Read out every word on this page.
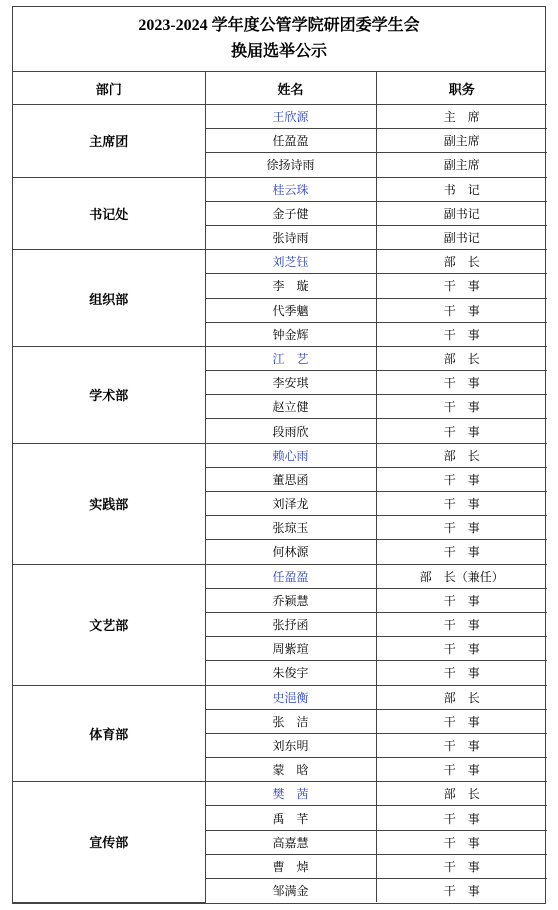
2023-2024 学年度公管学院研团委学生会
换届选举公示
部门	姓名	职务
主席团	王欣源	主　席
	任盈盈	副主席
	徐扬诗雨	副主席
书记处	桂云珠	书　记
	金子健	副书记
	张诗雨	副书记
组织部	刘芝钰	部　长
	李　璇	干　事
	代季魑	干　事
	钟金辉	干　事
学术部	江　艺	部　长
	李安琪	干　事
	赵立健	干　事
	段雨欣	干　事
实践部	赖心雨	部　长
	董思函	干　事
	刘泽龙	干　事
	张琼玉	干　事
	何林源	干　事
文艺部	任盈盈	部　长（兼任）
	乔颖慧	干　事
	张抒函	干　事
	周紫瑄	干　事
	朱俊宇	干　事
体育部	史浥衡	部　长
	张　洁	干　事
	刘东明	干　事
	蒙　晗	干　事
宣传部	樊　茜	部　长
	禹　芊	干　事
	高嘉慧	干　事
	曹　焯	干　事
	邹满金	干　事
